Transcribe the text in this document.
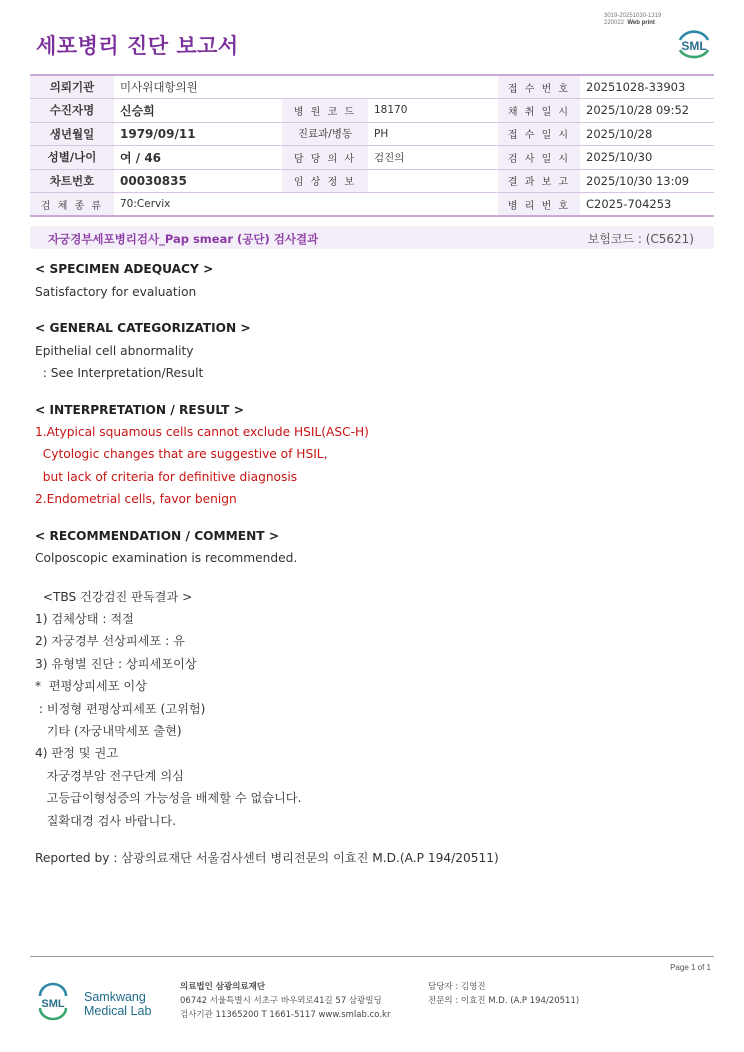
3019-20251030-1319
220022 Web print
세포병리 진단 보고서	SML
의뢰기관	미사위대항의원			접 수 번 호	20251028-33903
수진자명	신승희	병 원 코 드	18170	채 취 일 시	2025/10/28 09:52
생년월일	1979/09/11	진료과/병동	PH	접 수 일 시	2025/10/28
성별/나이	여 / 46	담 당 의 사	검진의	검 사 일 시	2025/10/30
차트번호	00030835	임 상 정 보		결 과 보 고	2025/10/30 13:09
검 체 종 류	70:Cervix			병 리 번 호	C2025-704253
자궁경부세포병리검사_Pap smear (공단) 검사결과	보험코드 : (C5621)
< SPECIMEN ADEQUACY >
Satisfactory for evaluation
< GENERAL CATEGORIZATION >
Epithelial cell abnormality
: See Interpretation/Result
< INTERPRETATION / RESULT >
1.Atypical squamous cells cannot exclude HSIL(ASC-H)
Cytologic changes that are suggestive of HSIL,
but lack of criteria for definitive diagnosis
2.Endometrial cells, favor benign
< RECOMMENDATION / COMMENT >
Colposcopic examination is recommended.
<TBS 건강검진 판독결과 >
1) 검체상태 : 적절
2) 자궁경부 선상피세포 : 유
3) 유형별 진단 : 상피세포이상
*  편평상피세포 이상
: 비정형 편평상피세포 (고위험)
기타 (자궁내막세포 출현)
4) 판정 및 권고
자궁경부암 전구단계 의심
고등급이형성증의 가능성을 배제할 수 없습니다.
질확대경 검사 바랍니다.
Reported by : 삼광의료재단 서울검사센터 병리전문의 이효진 M.D.(A.P 194/20511)
Page 1 of 1
SML Samkwang
Medical Lab
의료법인 삼광의료재단
06742 서울특별시 서초구 바우뫼로41길 57 삼광빌딩
검사기관 11365200 T 1661-5117 www.smlab.co.kr
담당자 : 김영진
전문의 : 이효진 M.D. (A.P 194/20511)
